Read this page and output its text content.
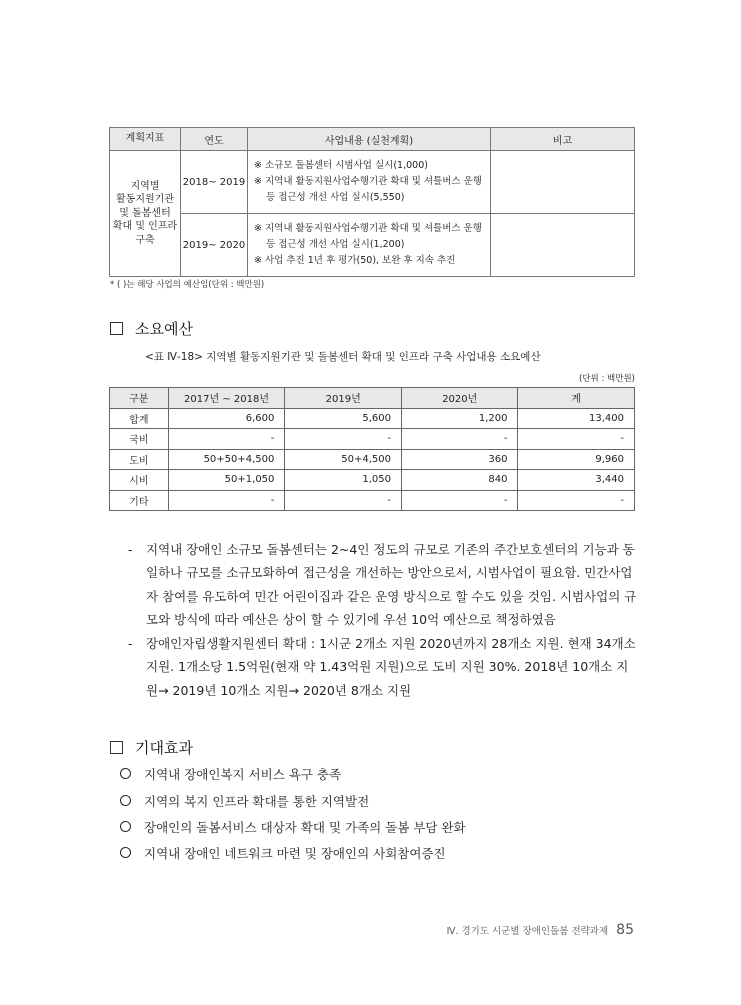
계획지표	연도	사업내용 (실천계획)	비고
지역별
활동지원기관
및 돌봄센터
확대 및 인프라
구축	2018~ 2019	※ 소규모 돌봄센터 시범사업 실시(1,000)
※ 지역내 활동지원사업수행기관 확대 및 셔틀버스 운행 등 접근성 개선 사업 실시(5,550)	

	2019~ 2020	※ 지역내 활동지원사업수행기관 확대 및 셔틀버스 운행 등 접근성 개선 사업 실시(1,200)
※ 사업 추진 1년 후 평가(50), 보완 후 지속 추진	

* ( )는 해당 사업의 예산임(단위 : 백만원)
소요예산
<표 Ⅳ-18> 지역별 활동지원기관 및 돌봄센터 확대 및 인프라 구축 사업내용 소요예산
(단위 : 백만원)
구분	2017년 ~ 2018년	2019년	2020년	계
합계	6,600	5,600	1,200	13,400
국비	-	-	-	-
도비	50+50+4,500	50+4,500	360	9,960
시비	50+1,050	1,050	840	3,440
기타	-	-	-	-
-	지역내 장애인 소규모 돌봄센터는 2~4인 정도의 규모로 기존의 주간보호센터의 기능과 동일하나 규모를 소규모화하여 접근성을 개선하는 방안으로서, 시범사업이 필요함. 민간사업자 참여를 유도하여 민간 어린이집과 같은 운영 방식으로 할 수도 있을 것임. 시범사업의 규모와 방식에 따라 예산은 상이 할 수 있기에 우선 10억 예산으로 책정하였음
-	장애인자립생활지원센터 확대 : 1시군 2개소 지원 2020년까지 28개소 지원. 현재 34개소 지원. 1개소당 1.5억원(현재 약 1.43억원 지원)으로 도비 지원 30%. 2018년 10개소 지원→ 2019년 10개소 지원→ 2020년 8개소 지원
기대효과
지역내 장애인복지 서비스 욕구 충족
지역의 복지 인프라 확대를 통한 지역발전
장애인의 돌봄서비스 대상자 확대 및 가족의 돌봄 부담 완화
지역내 장애인 네트워크 마련 및 장애인의 사회참여증진
Ⅳ. 경기도 시군별 장애인돌봄 전략과제 85
